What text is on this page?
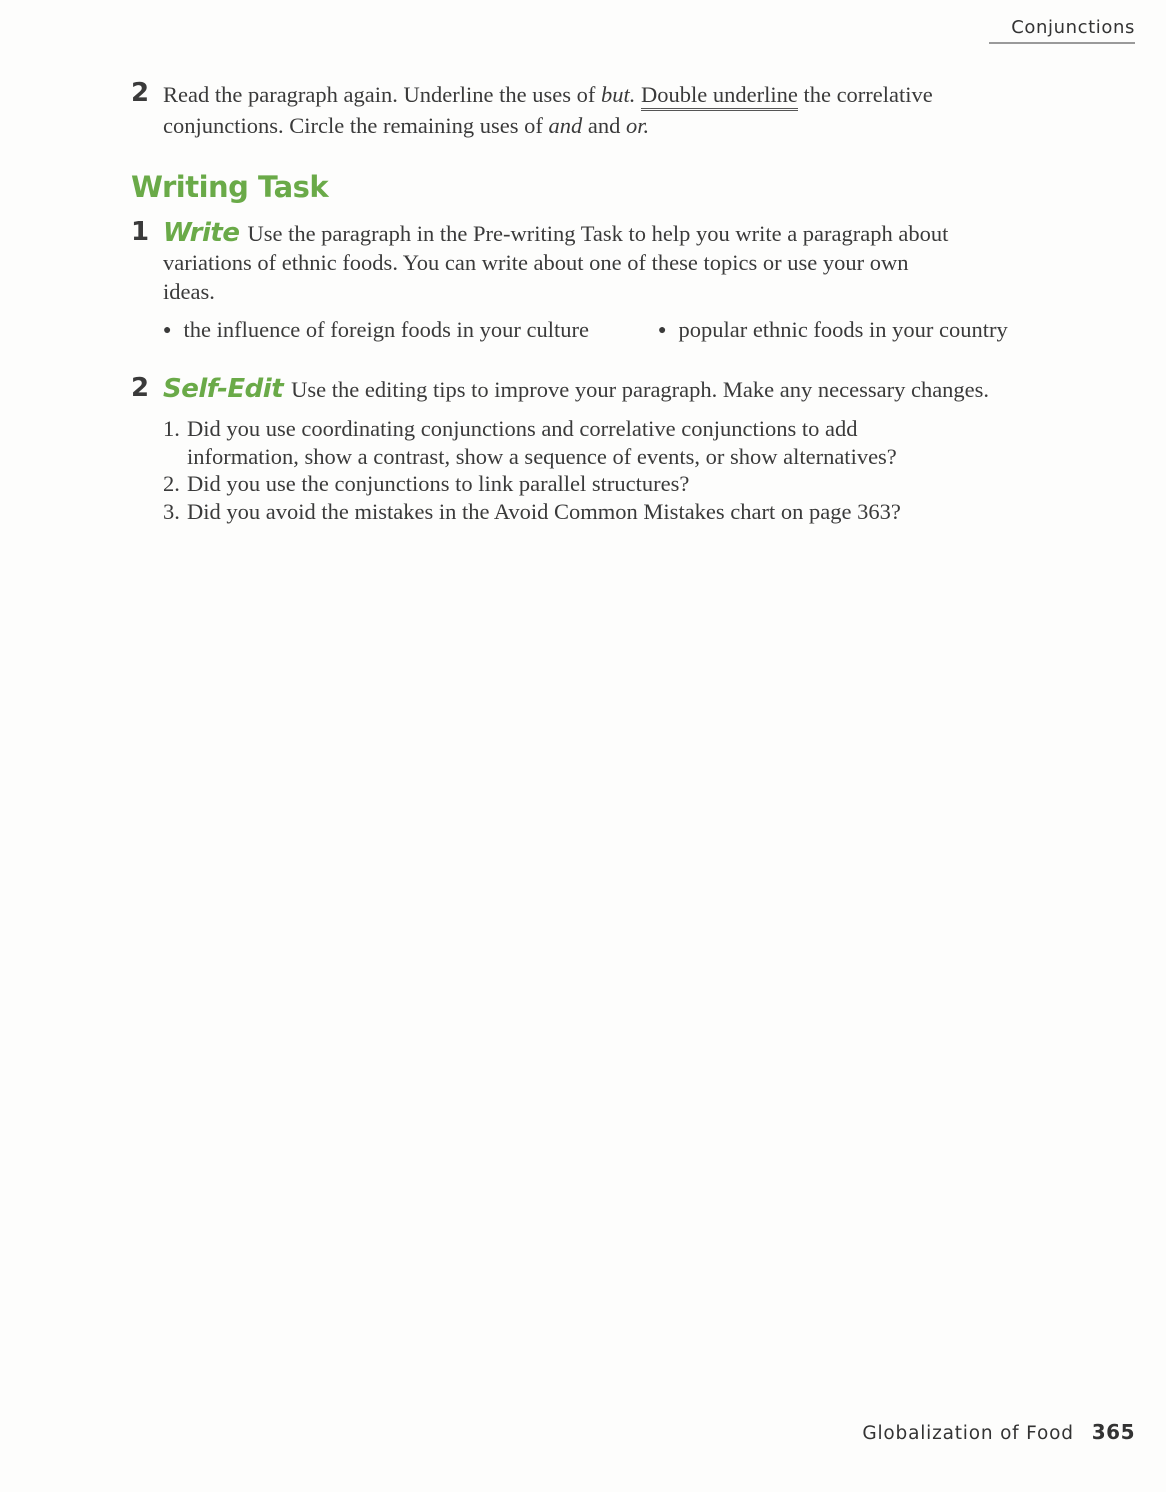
Conjunctions
2 Read the paragraph again. Underline the uses of but. Double underline the correlative
conjunctions. Circle the remaining uses of and and or.
Writing Task
1 Write Use the paragraph in the Pre-writing Task to help you write a paragraph about
variations of ethnic foods. You can write about one of these topics or use your own
ideas.
● the influence of foreign foods in your culture	● popular ethnic foods in your country
2 Self-Edit Use the editing tips to improve your paragraph. Make any necessary changes.
1. Did you use coordinating conjunctions and correlative conjunctions to add
information, show a contrast, show a sequence of events, or show alternatives?
2. Did you use the conjunctions to link parallel structures?
3. Did you avoid the mistakes in the Avoid Common Mistakes chart on page 363?
Globalization of Food 365
